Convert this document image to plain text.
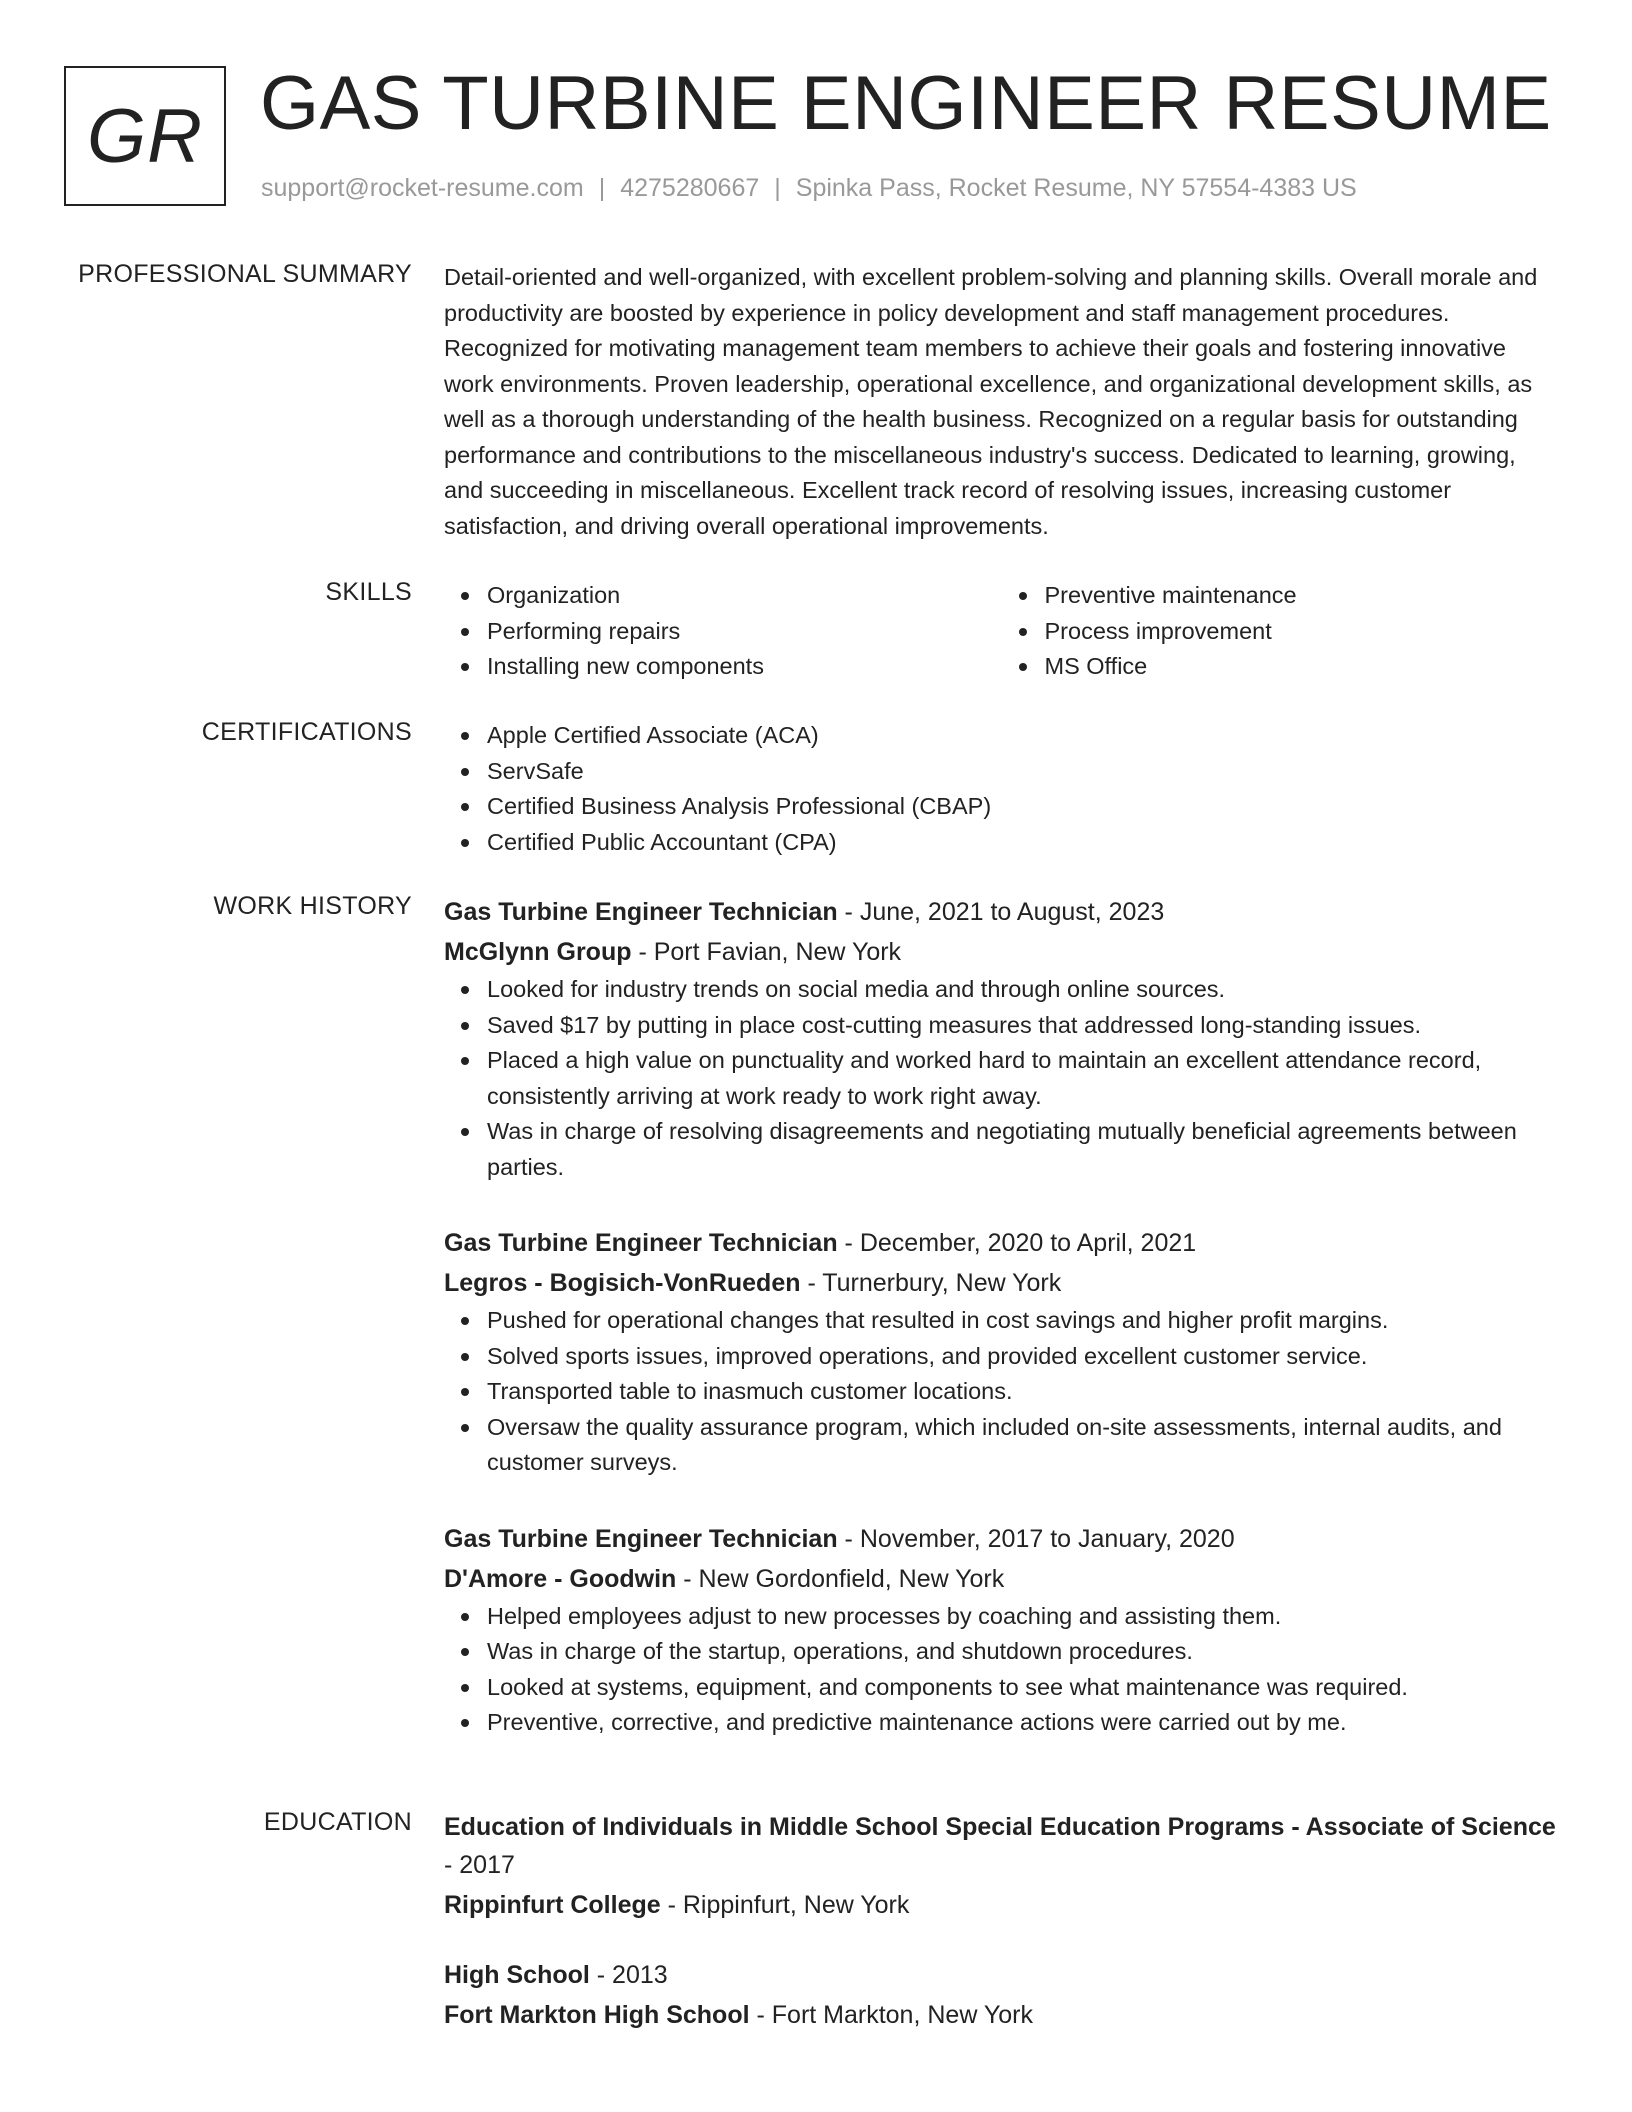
GR GAS TURBINE ENGINEER RESUME
support@rocket-resume.com | 4275280667 | Spinka Pass, Rocket Resume, NY 57554-4383 US
PROFESSIONAL SUMMARY Detail-oriented and well-organized, with excellent problem-solving and planning skills. Overall morale and productivity are boosted by experience in policy development and staff management procedures. Recognized for motivating management team members to achieve their goals and fostering innovative work environments. Proven leadership, operational excellence, and organizational development skills, as well as a thorough understanding of the health business. Recognized on a regular basis for outstanding performance and contributions to the miscellaneous industry's success. Dedicated to learning, growing, and succeeding in miscellaneous. Excellent track record of resolving issues, increasing customer satisfaction, and driving overall operational improvements.
SKILLS	Organization
Performing repairs
Installing new components
Preventive maintenance
Process improvement
MS Office
CERTIFICATIONS	Apple Certified Associate (ACA)
ServSafe
Certified Business Analysis Professional (CBAP)
Certified Public Accountant (CPA)
WORK HISTORY Gas Turbine Engineer Technician - June, 2021 to August, 2023
McGlynn Group - Port Favian, New York
Looked for industry trends on social media and through online sources.
Saved $17 by putting in place cost-cutting measures that addressed long-standing issues.
Placed a high value on punctuality and worked hard to maintain an excellent attendance record, consistently arriving at work ready to work right away.
Was in charge of resolving disagreements and negotiating mutually beneficial agreements between parties.
Gas Turbine Engineer Technician - December, 2020 to April, 2021
Legros - Bogisich-VonRueden - Turnerbury, New York
Pushed for operational changes that resulted in cost savings and higher profit margins.
Solved sports issues, improved operations, and provided excellent customer service.
Transported table to inasmuch customer locations.
Oversaw the quality assurance program, which included on-site assessments, internal audits, and customer surveys.
Gas Turbine Engineer Technician - November, 2017 to January, 2020
D'Amore - Goodwin - New Gordonfield, New York
Helped employees adjust to new processes by coaching and assisting them.
Was in charge of the startup, operations, and shutdown procedures.
Looked at systems, equipment, and components to see what maintenance was required.
Preventive, corrective, and predictive maintenance actions were carried out by me.
EDUCATION Education of Individuals in Middle School Special Education Programs - Associate of Science - 2017
Rippinfurt College - Rippinfurt, New York
High School - 2013
Fort Markton High School - Fort Markton, New York
